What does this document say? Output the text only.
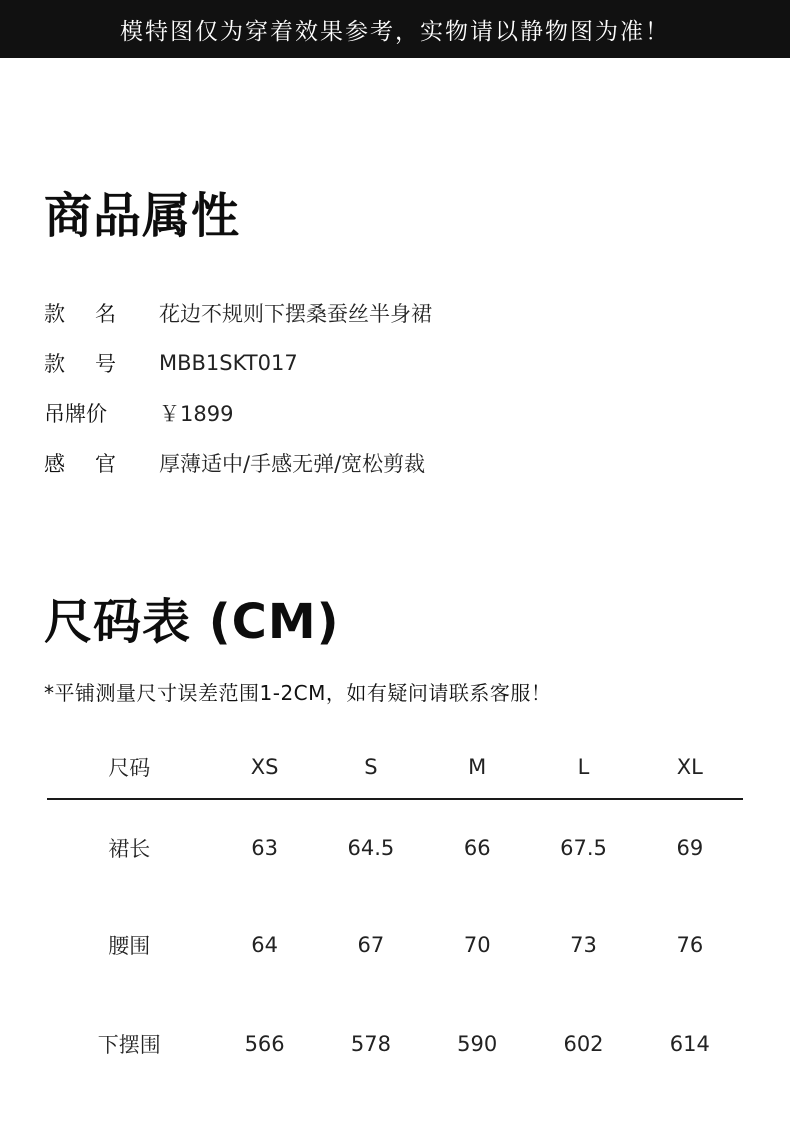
模特图仅为穿着效果参考，实物请以静物图为准！
商品属性
款 名 花边不规则下摆桑蚕丝半身裙
款 号 MBB1SKT017
吊牌价 ￥1899
感 官 厚薄适中/手感无弹/宽松剪裁
尺码表 (CM)
*平铺测量尺寸误差范围1-2CM，如有疑问请联系客服！
尺码	XS	S	M	L	XL
裙长	63	64.5	66	67.5	69
腰围	64	67	70	73	76
下摆围	566	578	590	602	614
